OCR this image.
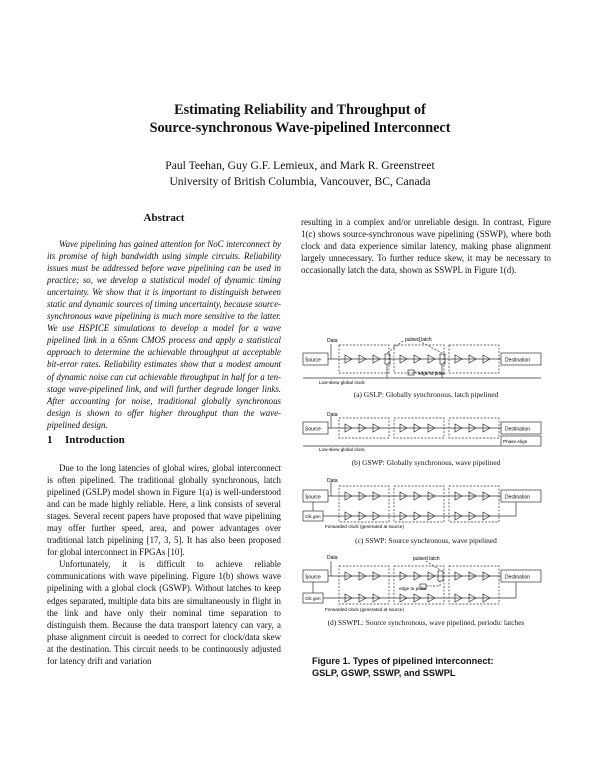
Estimating Reliability and Throughput of
Source-synchronous Wave-pipelined Interconnect
Paul Teehan, Guy G.F. Lemieux, and Mark R. Greenstreet
University of British Columbia, Vancouver, BC, Canada
Abstract
Wave pipelining has gained attention for NoC interconnect by its promise of high bandwidth using simple circuits. Reliability issues must be addressed before wave pipelining can be used in practice; so, we develop a statistical model of dynamic timing uncertainty. We show that it is important to distinguish between static and dynamic sources of timing uncertainty, because source-synchronous wave pipelining is much more sensitive to the latter. We use HSPICE simulations to develop a model for a wave pipelined link in a 65nm CMOS process and apply a statistical approach to determine the achievable throughput at acceptable bit-error rates. Reliability estimates show that a modest amount of dynamic noise can cut achievable throughput in half for a ten-stage wave-pipelined link, and will further degrade longer links. After accounting for noise, traditional globally synchronous design is shown to offer higher throughput than the wave-pipelined design.
1 Introduction

Due to the long latencies of global wires, global interconnect is often pipelined. The traditional globally synchronous, latch pipelined (GSLP) model shown in Figure 1(a) is well-understood and can be made highly reliable. Here, a link consists of several stages. Several recent papers have proposed that wave pipelining may offer further speed, area, and power advantages over traditional latch pipelining [17, 3, 5]. It has also been proposed for global interconnect in FPGAs [10].

Unfortunately, it is difficult to achieve reliable communications with wave pipelining. Figure 1(b) shows wave pipelining with a global clock (GSWP). Without latches to keep edges separated, multiple data bits are simultaneously in flight in the link and have only their nominal time separation to distinguish them. Because the data transport latency can vary, a phase alignment circuit is needed to correct for clock/data skew at the destination. This circuit needs to be continuously adjusted for latency drift and variation

resulting in a complex and/or unreliable design. In contrast, Figure 1(c) shows source-synchronous wave pipelining (SSWP), where both clock and data experience similar latency, making phase alignment largely unnecessary. To further reduce skew, it may be necessary to occasionally latch the data, shown as SSWPL in Figure 1(d).

Data	pulsed latch
Source	Destination
edge to pulse
Low-skew global clock
(a) GSLP: Globally synchronous, latch pipelined
Data
Source	Destination
Phase Align
Low-skew global clock
(b) GSWP: Globally synchronous, wave pipelined
Data
Source
Clk gen
Destination
Forwarded clock (generated at source)
(c) SSWP: Source synchronous, wave pipelined
Data	pulsed latch
Source
Clk gen
Destination
edge to pulse
Forwarded clock (generated at source)
(d) SSWPL: Source synchronous, wave pipelined, periodic latches
Figure 1. Types of pipelined interconnect:
GSLP, GSWP, SSWP, and SSWPL
